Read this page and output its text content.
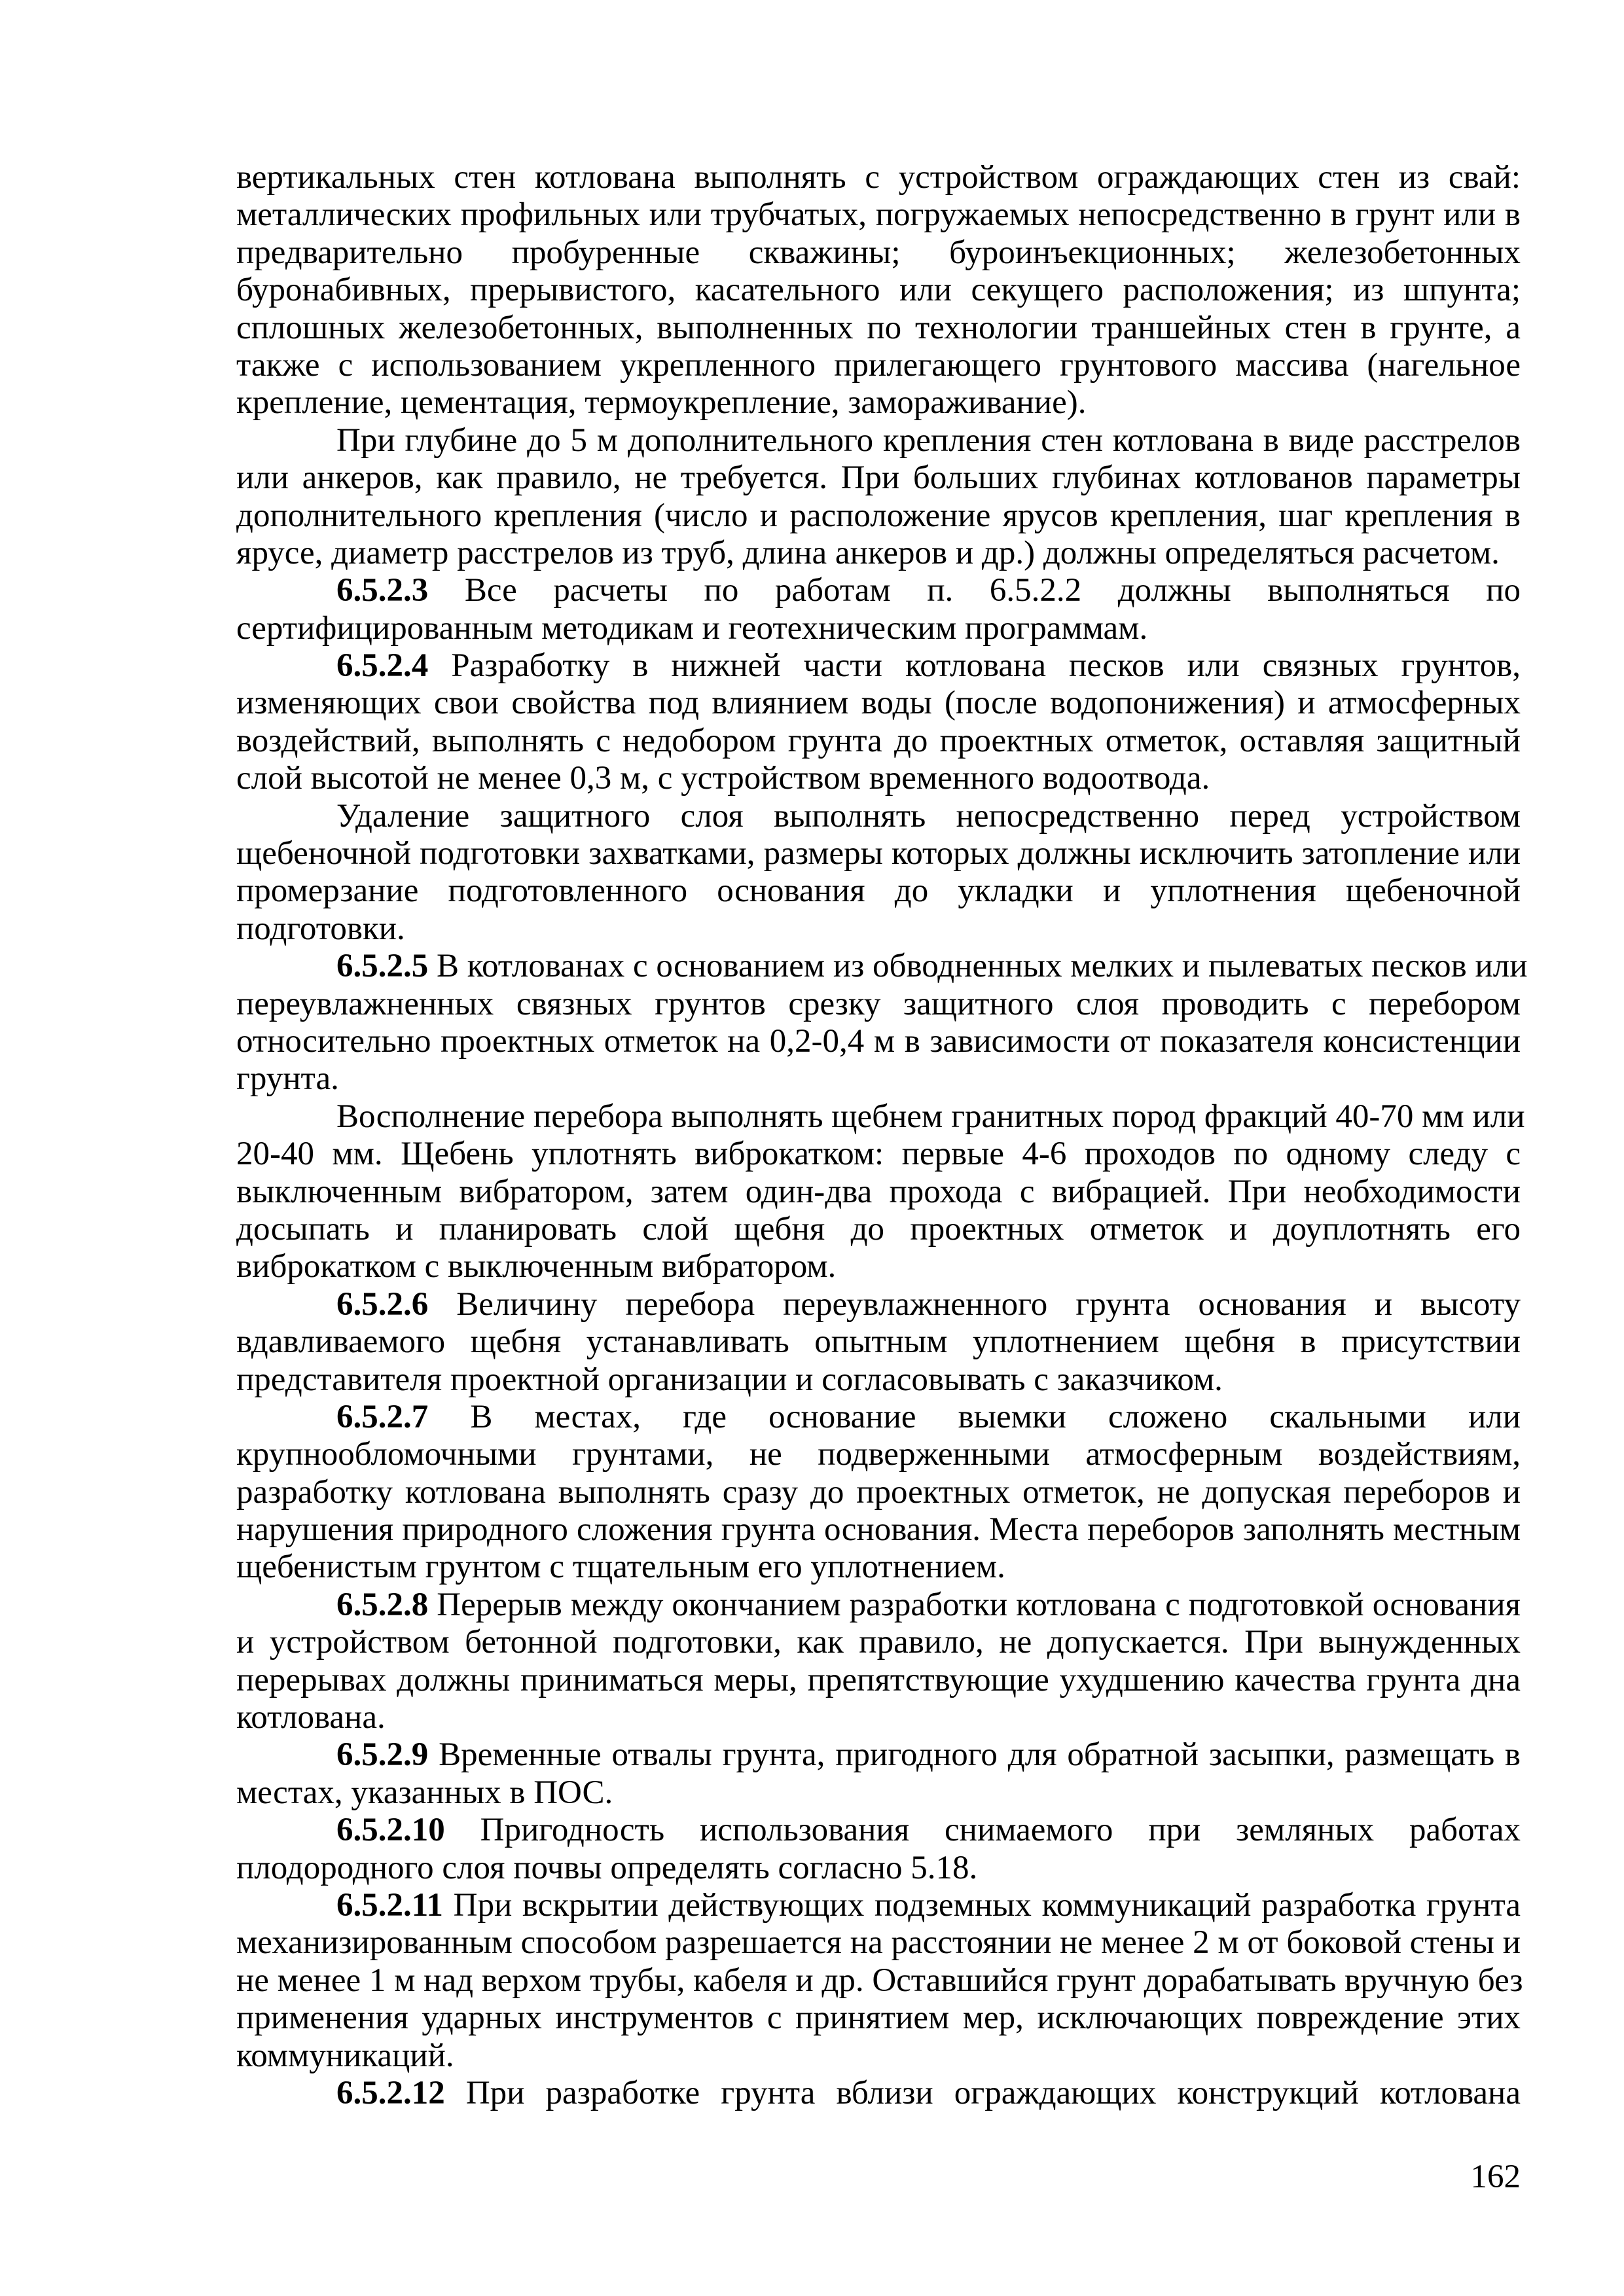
вертикальных стен котлована выполнять с устройством ограждающих стен из свай:
металлических профильных или трубчатых, погружаемых непосредственно в грунт или в
предварительно пробуренные скважины; буроинъекционных; железобетонных
буронабивных, прерывистого, касательного или секущего расположения; из шпунта;
сплошных железобетонных, выполненных по технологии траншейных стен в грунте, а
также с использованием укрепленного прилегающего грунтового массива (нагельное
крепление, цементация, термоукрепление, замораживание).
При глубине до 5 м дополнительного крепления стен котлована в виде расстрелов
или анкеров, как правило, не требуется. При больших глубинах котлованов параметры
дополнительного крепления (число и расположение ярусов крепления, шаг крепления в
ярусе, диаметр расстрелов из труб, длина анкеров и др.) должны определяться расчетом.
6.5.2.3 Все расчеты по работам п. 6.5.2.2 должны выполняться по
сертифицированным методикам и геотехническим программам.
6.5.2.4 Разработку в нижней части котлована песков или связных грунтов,
изменяющих свои свойства под влиянием воды (после водопонижения) и атмосферных
воздействий, выполнять с недобором грунта до проектных отметок, оставляя защитный
слой высотой не менее 0,3 м, с устройством временного водоотвода.
Удаление защитного слоя выполнять непосредственно перед устройством
щебеночной подготовки захватками, размеры которых должны исключить затопление или
промерзание подготовленного основания до укладки и уплотнения щебеночной
подготовки.
6.5.2.5 В котлованах с основанием из обводненных мелких и пылеватых песков или
переувлажненных связных грунтов срезку защитного слоя проводить с перебором
относительно проектных отметок на 0,2-0,4 м в зависимости от показателя консистенции
грунта.
Восполнение перебора выполнять щебнем гранитных пород фракций 40-70 мм или
20-40 мм. Щебень уплотнять виброкатком: первые 4-6 проходов по одному следу с
выключенным вибратором, затем один-два прохода с вибрацией. При необходимости
досыпать и планировать слой щебня до проектных отметок и доуплотнять его
виброкатком с выключенным вибратором.
6.5.2.6 Величину перебора переувлажненного грунта основания и высоту
вдавливаемого щебня устанавливать опытным уплотнением щебня в присутствии
представителя проектной организации и согласовывать с заказчиком.
6.5.2.7 В местах, где основание выемки сложено скальными или
крупнообломочными грунтами, не подверженными атмосферным воздействиям,
разработку котлована выполнять сразу до проектных отметок, не допуская переборов и
нарушения природного сложения грунта основания. Места переборов заполнять местным
щебенистым грунтом с тщательным его уплотнением.
6.5.2.8 Перерыв между окончанием разработки котлована с подготовкой основания
и устройством бетонной подготовки, как правило, не допускается. При вынужденных
перерывах должны приниматься меры, препятствующие ухудшению качества грунта дна
котлована.
6.5.2.9 Временные отвалы грунта, пригодного для обратной засыпки, размещать в
местах, указанных в ПОС.
6.5.2.10 Пригодность использования снимаемого при земляных работах
плодородного слоя почвы определять согласно 5.18.
6.5.2.11 При вскрытии действующих подземных коммуникаций разработка грунта
механизированным способом разрешается на расстоянии не менее 2 м от боковой стены и
не менее 1 м над верхом трубы, кабеля и др. Оставшийся грунт дорабатывать вручную без
применения ударных инструментов с принятием мер, исключающих повреждение этих
коммуникаций.
6.5.2.12 При разработке грунта вблизи ограждающих конструкций котлована
162
